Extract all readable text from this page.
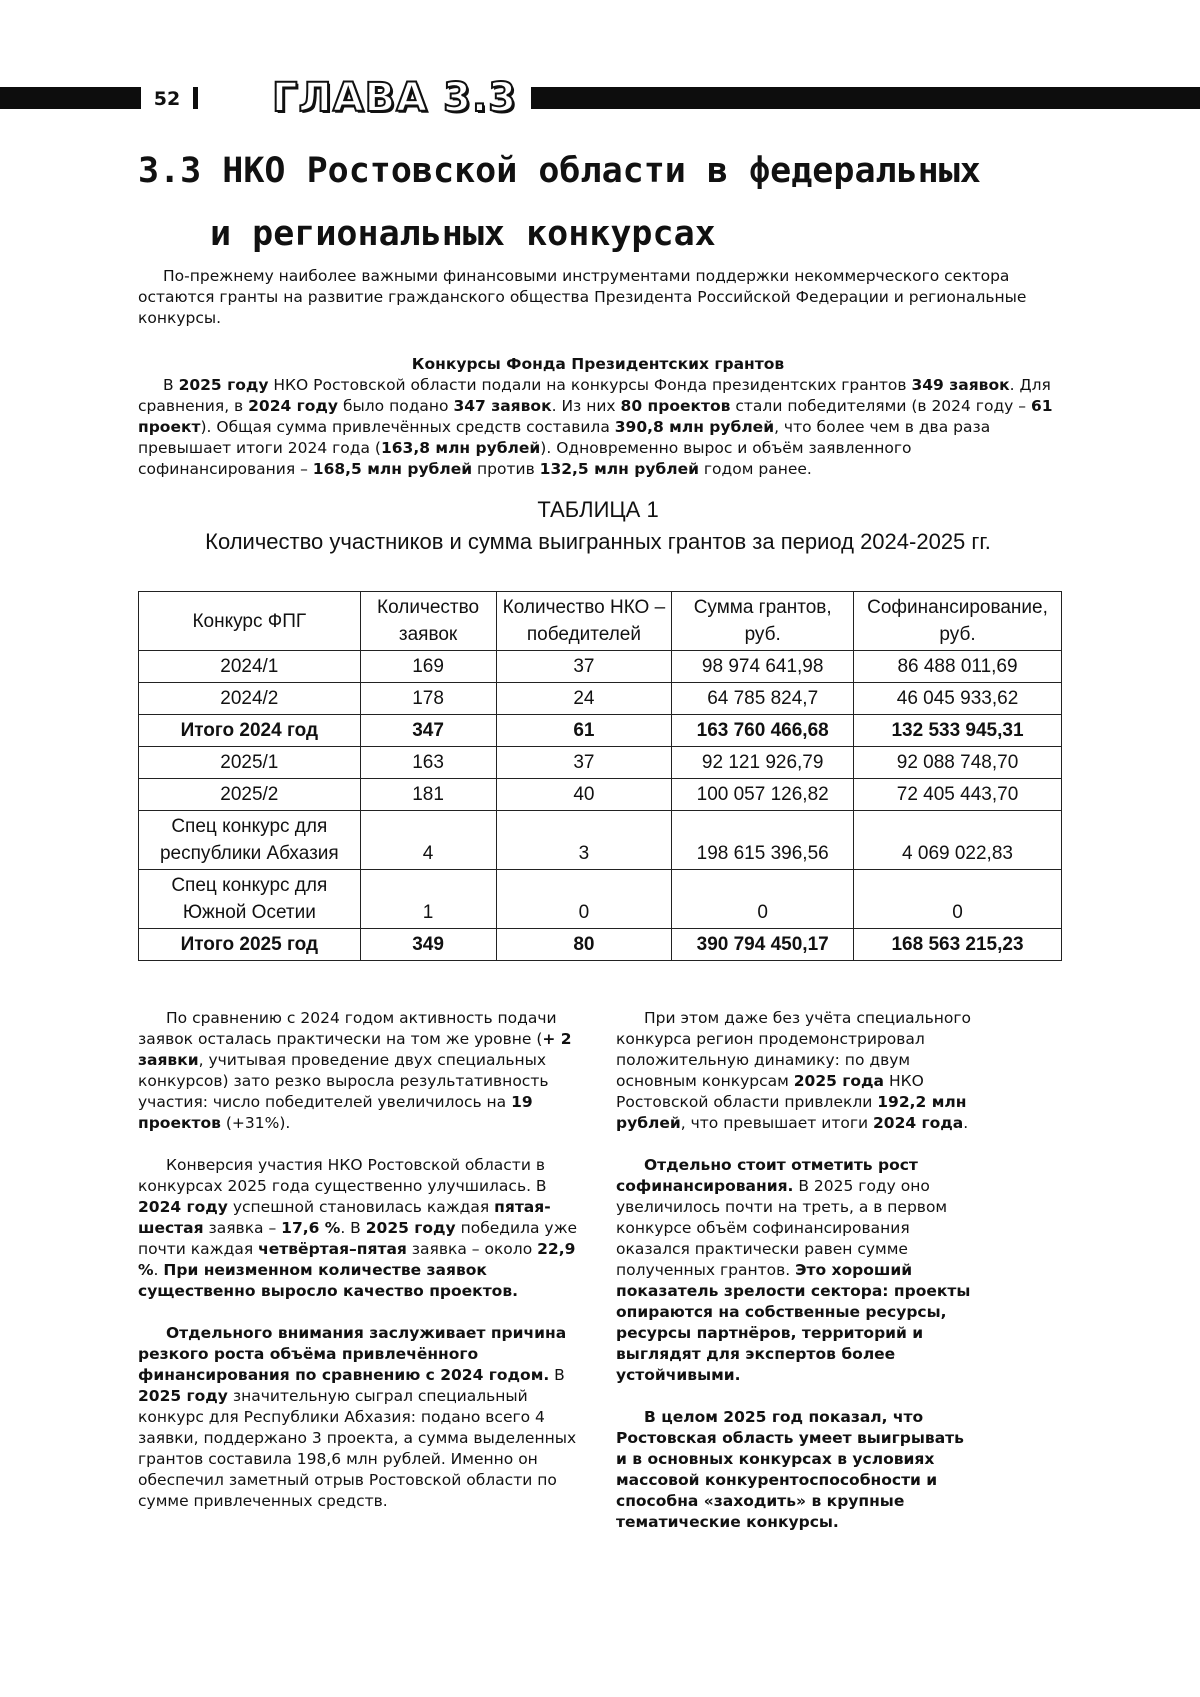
52 ГЛАВА 3.3
3.3 НКО Ростовской области в федеральных
и региональных конкурсах

По-прежнему наиболее важными финансовыми инструментами поддержки некоммерческого сектора остаются гранты на развитие гражданского общества Президента Российской Федерации и региональные конкурсы.

Конкурсы Фонда Президентских грантов

В 2025 году НКО Ростовской области подали на конкурсы Фонда президентских грантов 349 заявок. Для сравнения, в 2024 году было подано 347 заявок. Из них 80 проектов стали победителями (в 2024 году – 61 проект). Общая сумма привлечённых средств составила 390,8 млн рублей, что более чем в два раза превышает итоги 2024 года (163,8 млн рублей). Одновременно вырос и объём заявленного софинансирования – 168,5 млн рублей против 132,5 млн рублей годом ранее.

ТАБЛИЦА 1

Количество участников и сумма выигранных грантов за период 2024-2025 гг.

Конкурс ФПГ	Количество заявок	Количество НКО – победителей	Сумма грантов, руб.	Софинансирование, руб.
2024/1	169	37	98 974 641,98	86 488 011,69
2024/2	178	24	64 785 824,7	46 045 933,62
Итого 2024 год	347	61	163 760 466,68	132 533 945,31
2025/1	163	37	92 121 926,79	92 088 748,70
2025/2	181	40	100 057 126,82	72 405 443,70
Спец конкурс для республики Абхазия	4	3	198 615 396,56	4 069 022,83
Спец конкурс для Южной Осетии	1	0	0	0
Итого 2025 год	349	80	390 794 450,17	168 563 215,23

По сравнению с 2024 годом активность подачи заявок осталась практически на том же уровне (+ 2 заявки, учитывая проведение двух специальных конкурсов) зато резко выросла результативность участия: число победителей увеличилось на 19 проектов (+31%).

Конверсия участия НКО Ростовской области в конкурсах 2025 года существенно улучшилась. В 2024 году успешной становилась каждая пятая-шестая заявка – 17,6 %. В 2025 году победила уже почти каждая четвёртая–пятая заявка – около 22,9 %. При неизменном количестве заявок существенно выросло качество проектов.

Отдельного внимания заслуживает причина резкого роста объёма привлечённого финансирования по сравнению с 2024 годом. В 2025 году значительную сыграл специальный конкурс для Республики Абхазия: подано всего 4 заявки, поддержано 3 проекта, а сумма выделенных грантов составила 198,6 млн рублей. Именно он обеспечил заметный отрыв Ростовской области по сумме привлеченных средств.

При этом даже без учёта специального конкурса регион продемонстрировал положительную динамику: по двум основным конкурсам 2025 года НКО Ростовской области привлекли 192,2 млн рублей, что превышает итоги 2024 года.

Отдельно стоит отметить рост софинансирования. В 2025 году оно увеличилось почти на треть, а в первом конкурсе объём софинансирования оказался практически равен сумме полученных грантов. Это хороший показатель зрелости сектора: проекты опираются на собственные ресурсы, ресурсы партнёров, территорий и выглядят для экспертов более устойчивыми.

В целом 2025 год показал, что Ростовская область умеет выигрывать и в основных конкурсах в условиях массовой конкурентоспособности и способна «заходить» в крупные тематические конкурсы.
